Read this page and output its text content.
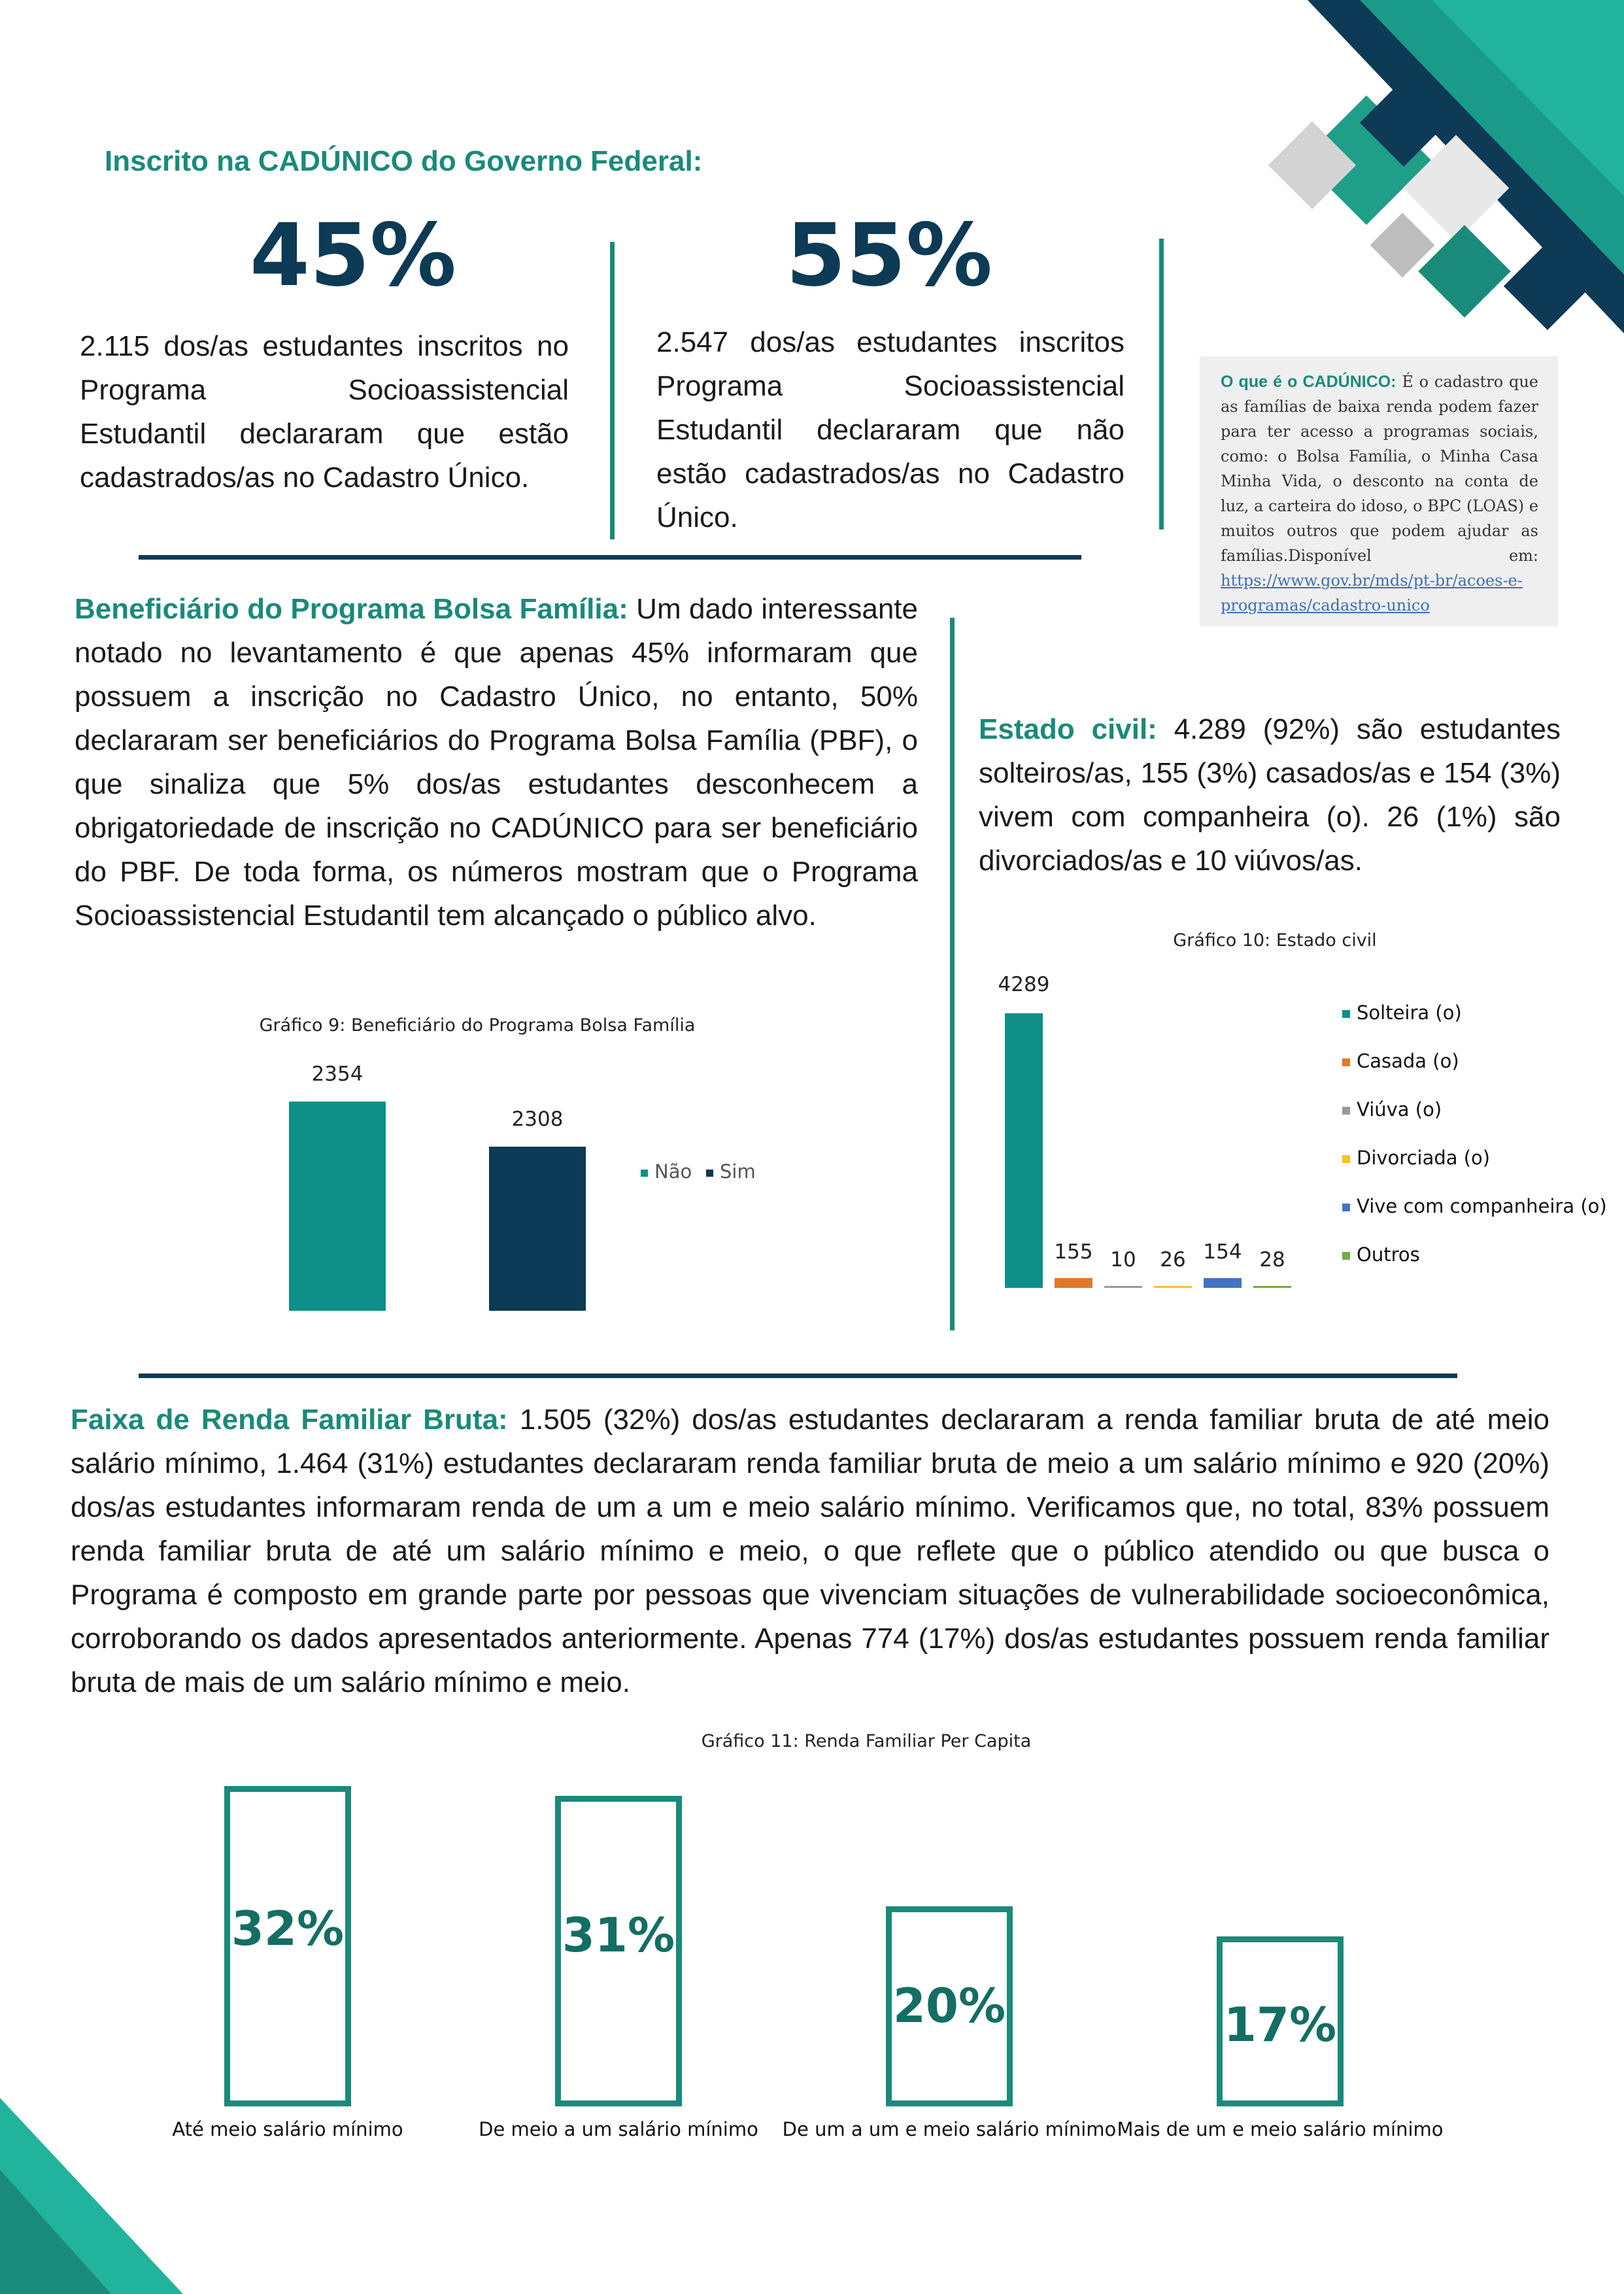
Inscrito na CADÚNICO do Governo Federal:
45%
2.115 dos/as estudantes inscritos no Programa Socioassistencial Estudantil declararam que estão cadastrados/as no Cadastro Único.
55%
2.547 dos/as estudantes inscritos Programa Socioassistencial Estudantil declararam que não estão cadastrados/as no Cadastro Único.
O que é o CADÚNICO: É o cadastro que as famílias de baixa renda podem fazer para ter acesso a programas sociais, como: o Bolsa Família, o Minha Casa Minha Vida, o desconto na conta de luz, a carteira do idoso, o BPC (LOAS) e muitos outros que podem ajudar as famílias.Disponível em: https://www.gov.br/mds/pt-br/acoes-e-programas/cadastro-unico
Beneficiário do Programa Bolsa Família: Um dado interessante notado no levantamento é que apenas 45% informaram que possuem a inscrição no Cadastro Único, no entanto, 50% declararam ser beneficiários do Programa Bolsa Família (PBF), o que sinaliza que 5% dos/as estudantes desconhecem a obrigatoriedade de inscrição no CADÚNICO para ser beneficiário do PBF. De toda forma, os números mostram que o Programa Socioassistencial Estudantil tem alcançado o público alvo.
Estado civil: 4.289 (92%) são estudantes solteiros/as, 155 (3%) casados/as e 154 (3%) vivem com companheira (o). 26 (1%) são divorciados/as e 10 viúvos/as.
Gráfico 9: Beneficiário do Programa Bolsa Família
Gráfico 10: Estado civil
Faixa de Renda Familiar Bruta: 1.505 (32%) dos/as estudantes declararam a renda familiar bruta de até meio salário mínimo, 1.464 (31%) estudantes declararam renda familiar bruta de meio a um salário mínimo e 920 (20%) dos/as estudantes informaram renda de um a um e meio salário mínimo. Verificamos que, no total, 83% possuem renda familiar bruta de até um salário mínimo e meio, o que reflete que o público atendido ou que busca o Programa é composto em grande parte por pessoas que vivenciam situações de vulnerabilidade socioeconômica, corroborando os dados apresentados anteriormente. Apenas 774 (17%) dos/as estudantes possuem renda familiar bruta de mais de um salário mínimo e meio.
Gráfico 11: Renda Familiar Per Capita
2354
2308
Não	Sim
4289
155 10	26 154 28
Solteira (o)
Casada (o)
Viúva (o)
Divorciada (o)
Vive com companheira (o)
Outros
32%
Até meio salário mínimo
31%
De meio a um salário mínimo
20%
De um a um e meio salário mínimo
17%
Mais de um e meio salário mínimo
